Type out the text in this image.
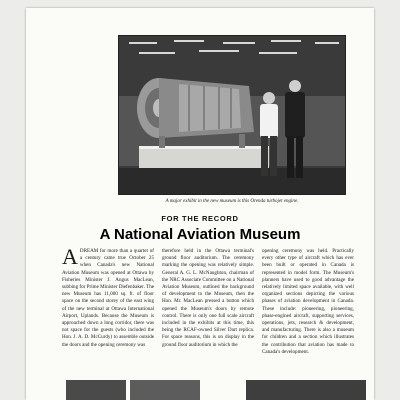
A major exhibit in the new museum is this Orenda turbojet engine.
FOR THE RECORD
A National Aviation Museum

ADREAM for more than a quarter of a century came true October 25 when Canada's new National Aviation Museum was opened at Ottawa by Fisheries Minister J. Angus MacLean, subbing for Prime Minister Diefenbaker. The new Museum has 11,000 sq. ft. of floor space on the second storey of the east wing of the new terminal at Ottawa International Airport, Uplands. Because the Museum is approached down a long corridor, there was not space for the guests (who included the Hon. J. A. D. McCurdy) to assemble outside the doors and the opening ceremony was

therefore held in the Ottawa terminal's ground floor auditorium. The ceremony marking the opening was relatively simple. General A. G. L. McNaughton, chairman of the NRC Associate Committee on a National Aviation Museum, outlined the background of development to the Museum, then the Hon. Mr. MacLean pressed a button which opened the Museum's doors by remote control. There is only one full scale aircraft included in the exhibits at this time, this being the RCAF-owned Silver Dart replica. For space reasons, this is on display in the ground floor auditorium in which the

opening ceremony was held. Practically every other type of aircraft which has ever been built or operated in Canada is represented in model form. The Museum's planners have used to good advantage the relatively limited space available, with well organized sections depicting the various phases of aviation development in Canada. These include: pioneering, pioneering, phase-engined aircraft, supporting services, operations, jets, research & development, and manufacturing. There is also a museum for children and a section which illustrates the contribution that aviation has made to Canada's development.
